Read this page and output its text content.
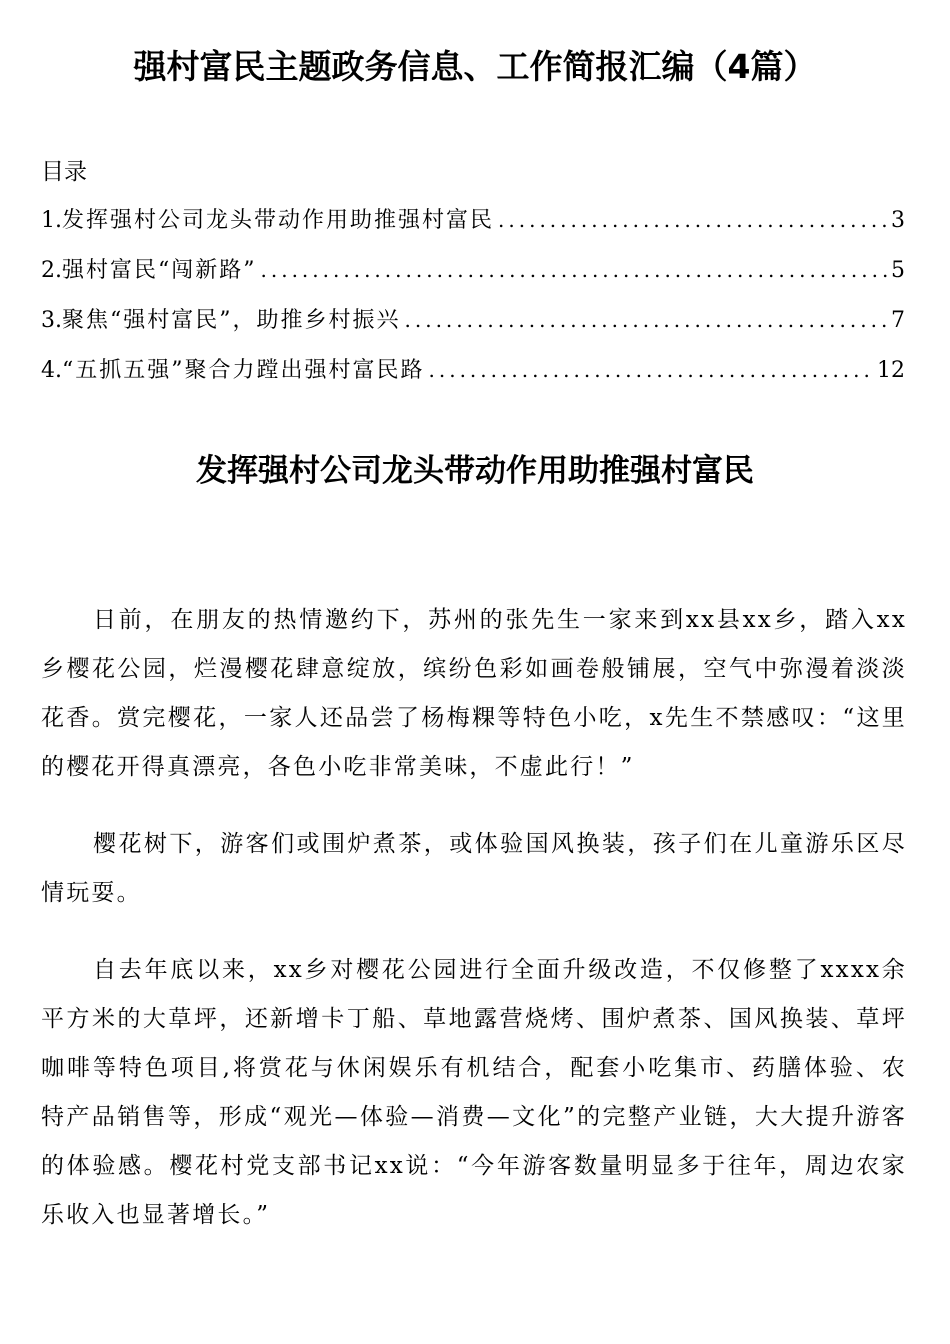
强村富民主题政务信息、工作简报汇编（4篇）

目录

1. 发挥强村公司龙头带动作用助推强村富民 .....	3
2. 强村富民“闯新路” .....	5
3. 聚焦“强村富民”，助推乡村振兴 .....	7
4. “五抓五强”聚合力蹚出强村富民路 .....	12
发挥强村公司龙头带动作用助推强村富民

日前，在朋友的热情邀约下，苏州的张先生一家来到xx县xx乡，踏入xx乡樱花公园，烂漫樱花肆意绽放，缤纷色彩如画卷般铺展，空气中弥漫着淡淡花香。赏完樱花，一家人还品尝了杨梅粿等特色小吃，x先生不禁感叹：“这里的樱花开得真漂亮，各色小吃非常美味，不虚此行！”

樱花树下，游客们或围炉煮茶，或体验国风换装，孩子们在儿童游乐区尽情玩耍。

自去年底以来，xx乡对樱花公园进行全面升级改造，不仅修整了xxxx余平方米的大草坪，还新增卡丁船、草地露营烧烤、围炉煮茶、国风换装、草坪咖啡等特色项目,将赏花与休闲娱乐有机结合，配套小吃集市、药膳体验、农特产品销售等，形成“观光—体验—消费—文化”的完整产业链，大大提升游客的体验感。樱花村党支部书记xx说：“今年游客数量明显多于往年，周边农家乐收入也显著增长。”
